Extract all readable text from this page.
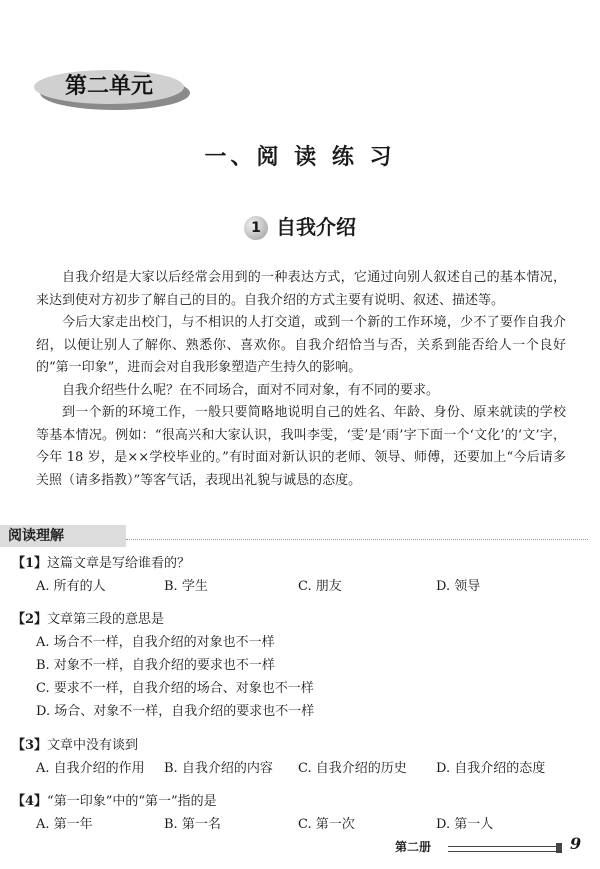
第二单元
一、阅 读 练 习
1 自我介绍

自我介绍是大家以后经常会用到的一种表达方式，它通过向别人叙述自己的基本情况，来达到使对方初步了解自己的目的。自我介绍的方式主要有说明、叙述、描述等。

今后大家走出校门，与不相识的人打交道，或到一个新的工作环境，少不了要作自我介绍，以便让别人了解你、熟悉你、喜欢你。自我介绍恰当与否，关系到能否给人一个良好的“第一印象”，进而会对自我形象塑造产生持久的影响。

自我介绍些什么呢？在不同场合，面对不同对象，有不同的要求。

到一个新的环境工作，一般只要简略地说明自己的姓名、年龄、身份、原来就读的学校等基本情况。例如：“很高兴和大家认识，我叫李雯，‘雯’是‘雨’字下面一个‘文化’的‘文’字，今年 18 岁，是××学校毕业的。”有时面对新认识的老师、领导、师傅，还要加上“今后请多关照（请多指教）”等客气话，表现出礼貌与诚恳的态度。

阅读理解
【1】这篇文章是写给谁看的？
A. 所有的人	B. 学生	C. 朋友	D. 领导
【2】文章第三段的意思是
A. 场合不一样，自我介绍的对象也不一样
B. 对象不一样，自我介绍的要求也不一样
C. 要求不一样，自我介绍的场合、对象也不一样
D. 场合、对象不一样，自我介绍的要求也不一样
【3】文章中没有谈到
A. 自我介绍的作用 B. 自我介绍的内容 C. 自我介绍的历史 D. 自我介绍的态度
【4】“第一印象”中的“第一”指的是
A. 第一年	B. 第一名	C. 第一次	D. 第一人
第二册	9
